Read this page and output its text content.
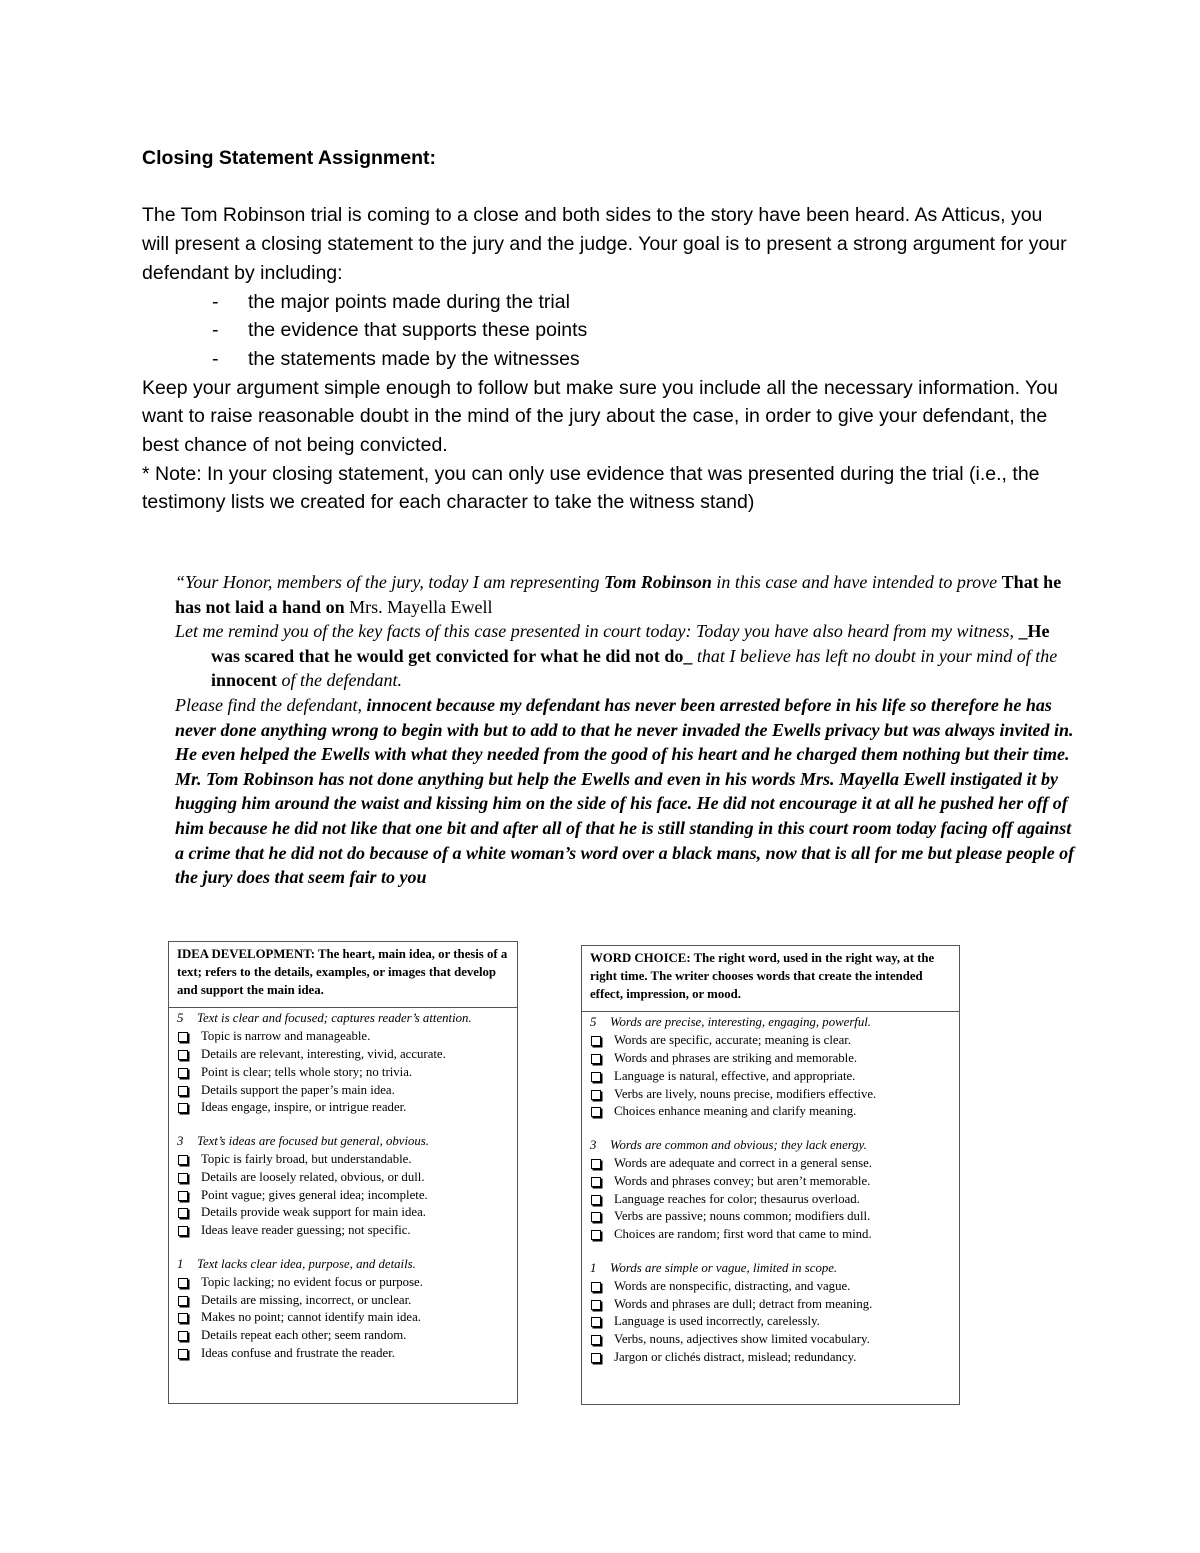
Closing Statement Assignment:

The Tom Robinson trial is coming to a close and both sides to the story have been heard. As Atticus, you will present a closing statement to the jury and the judge. Your goal is to present a strong argument for your defendant by including:

- the major points made during the trial
- the evidence that supports these points
- the statements made by the witnesses

Keep your argument simple enough to follow but make sure you include all the necessary information. You want to raise reasonable doubt in the mind of the jury about the case, in order to give your defendant, the best chance of not being convicted.

* Note: In your closing statement, you can only use evidence that was presented during the trial (i.e., the testimony lists we created for each character to take the witness stand)

“Your Honor, members of the jury, today I am representing Tom Robinson in this case and have intended to prove That he has not laid a hand on Mrs. Mayella Ewell

Let me remind you of the key facts of this case presented in court today: Today you have also heard from my witness, _He was scared that he would get convicted for what he did not do_ that I believe has left no doubt in your mind of the innocent of the defendant.

Please find the defendant, innocent because my defendant has never been arrested before in his life so therefore he has never done anything wrong to begin with but to add to that he never invaded the Ewells privacy but was always invited in. He even helped the Ewells with what they needed from the good of his heart and he charged them nothing but their time. Mr. Tom Robinson has not done anything but help the Ewells and even in his words Mrs. Mayella Ewell instigated it by hugging him around the waist and kissing him on the side of his face. He did not encourage it at all he pushed her off of him because he did not like that one bit and after all of that he is still standing in this court room today facing off against a crime that he did not do because of a white woman’s word over a black mans, now that is all for me but please people of the jury does that seem fair to you

IDEA DEVELOPMENT: The heart, main idea, or thesis of a text; refers to the details, examples, or images that develop and support the main idea.
5 Text is clear and focused; captures reader’s attention.
Topic is narrow and manageable.
Details are relevant, interesting, vivid, accurate.
Point is clear; tells whole story; no trivia.
Details support the paper’s main idea.
Ideas engage, inspire, or intrigue reader.
3 Text’s ideas are focused but general, obvious.
Topic is fairly broad, but understandable.
Details are loosely related, obvious, or dull.
Point vague; gives general idea; incomplete.
Details provide weak support for main idea.
Ideas leave reader guessing; not specific.
1 Text lacks clear idea, purpose, and details.
Topic lacking; no evident focus or purpose.
Details are missing, incorrect, or unclear.
Makes no point; cannot identify main idea.
Details repeat each other; seem random.
Ideas confuse and frustrate the reader.
WORD CHOICE: The right word, used in the right way, at the right time. The writer chooses words that create the intended effect, impression, or mood.
5 Words are precise, interesting, engaging, powerful.
Words are specific, accurate; meaning is clear.
Words and phrases are striking and memorable.
Language is natural, effective, and appropriate.
Verbs are lively, nouns precise, modifiers effective.
Choices enhance meaning and clarify meaning.
3 Words are common and obvious; they lack energy.
Words are adequate and correct in a general sense.
Words and phrases convey; but aren’t memorable.
Language reaches for color; thesaurus overload.
Verbs are passive; nouns common; modifiers dull.
Choices are random; first word that came to mind.
1 Words are simple or vague, limited in scope.
Words are nonspecific, distracting, and vague.
Words and phrases are dull; detract from meaning.
Language is used incorrectly, carelessly.
Verbs, nouns, adjectives show limited vocabulary.
Jargon or clichés distract, mislead; redundancy.
